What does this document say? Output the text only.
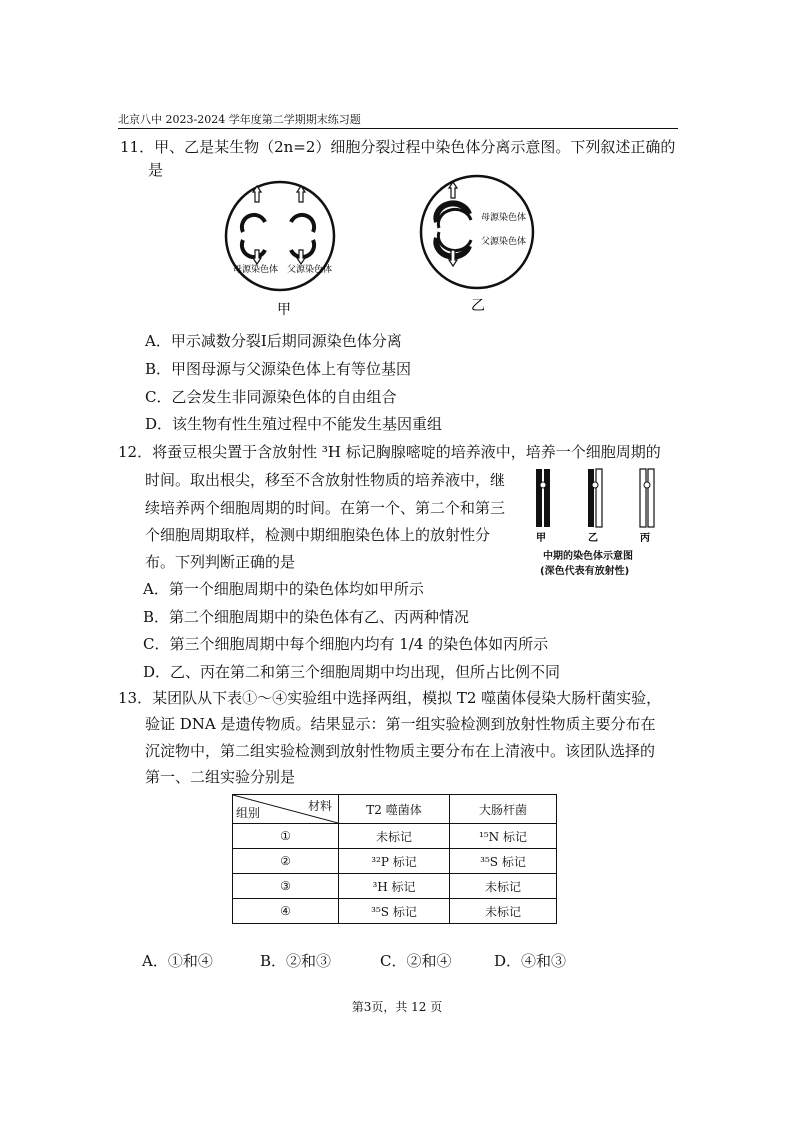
北京八中 2023-2024 学年度第二学期期末练习题
11．甲、乙是某生物（2n=2）细胞分裂过程中染色体分离示意图。下列叙述正确的
是
母源染色体 父源染色体
甲
母源染色体
父源染色体
乙
A．甲示减数分裂Ⅰ后期同源染色体分离
B．甲图母源与父源染色体上有等位基因
C．乙会发生非同源染色体的自由组合
D．该生物有性生殖过程中不能发生基因重组
12．将蚕豆根尖置于含放射性 ³H 标记胸腺嘧啶的培养液中，培养一个细胞周期的
时间。取出根尖，移至不含放射性物质的培养液中，继
续培养两个细胞周期的时间。在第一个、第二个和第三
个细胞周期取样，检测中期细胞染色体上的放射性分
布。下列判断正确的是
甲	乙	丙
中期的染色体示意图
(深色代表有放射性)
A．第一个细胞周期中的染色体均如甲所示
B．第二个细胞周期中的染色体有乙、丙两种情况
C．第三个细胞周期中每个细胞内均有 1/4 的染色体如丙所示
D．乙、丙在第二和第三个细胞周期中均出现，但所占比例不同
13．某团队从下表①～④实验组中选择两组，模拟 T2 噬菌体侵染大肠杆菌实验，
验证 DNA 是遗传物质。结果显示：第一组实验检测到放射性物质主要分布在
沉淀物中，第二组实验检测到放射性物质主要分布在上清液中。该团队选择的
第一、二组实验分别是
材料
组别	T2 噬菌体	大肠杆菌
①	未标记	¹⁵N 标记
②	³²P 标记	³⁵S 标记
③	³H 标记	未标记
④	³⁵S 标记	未标记
A．①和④	B．②和③	C．②和④	D．④和③
第3页，共 12 页
